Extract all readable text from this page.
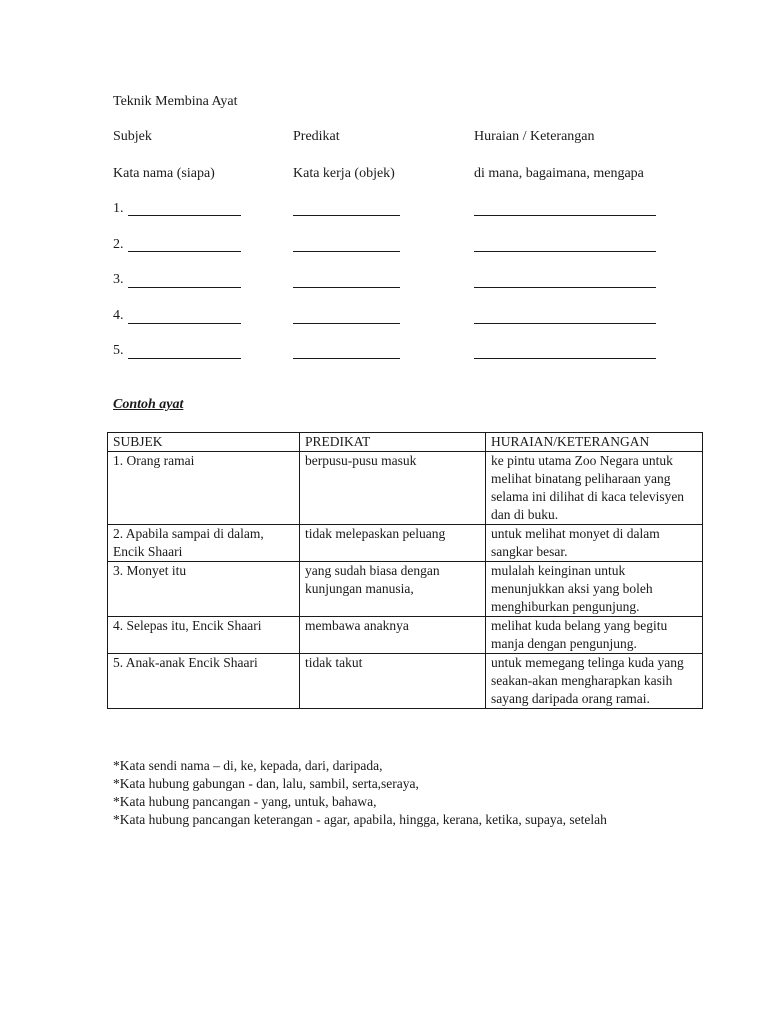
Teknik Membina Ayat
Subjek	Predikat	Huraian / Keterangan
Kata nama (siapa)	Kata kerja (objek)	di mana, bagaimana, mengapa
1.
2.
3.
4.
5.
Contoh ayat
SUBJEK	PREDIKAT	HURAIAN/KETERANGAN
1. Orang ramai	berpusu-pusu masuk	ke pintu utama Zoo Negara untuk melihat binatang peliharaan yang selama ini dilihat di kaca televisyen dan di buku.
2. Apabila sampai di dalam, Encik Shaari	tidak melepaskan peluang	untuk melihat monyet di dalam sangkar besar.
3. Monyet itu	yang sudah biasa dengan kunjungan manusia,	mulalah keinginan untuk menunjukkan aksi yang boleh menghiburkan pengunjung.
4. Selepas itu, Encik Shaari	membawa anaknya	melihat kuda belang yang begitu manja dengan pengunjung.
5. Anak-anak Encik Shaari	tidak takut	untuk memegang telinga kuda yang seakan-akan mengharapkan kasih sayang daripada orang ramai.
*Kata sendi nama – di, ke, kepada, dari, daripada,
*Kata hubung gabungan - dan, lalu, sambil, serta,seraya,
*Kata hubung pancangan - yang, untuk, bahawa,
*Kata hubung pancangan keterangan - agar, apabila, hingga, kerana, ketika, supaya, setelah
